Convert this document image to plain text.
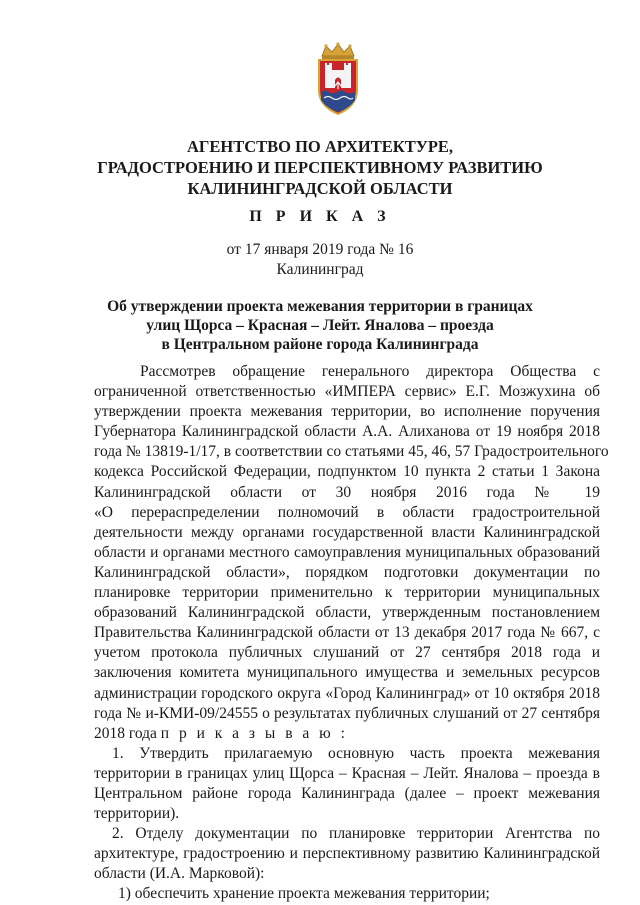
АГЕНТСТВО ПО АРХИТЕКТУРЕ,
ГРАДОСТРОЕНИЮ И ПЕРСПЕКТИВНОМУ РАЗВИТИЮ
КАЛИНИНГРАДСКОЙ ОБЛАСТИ
П Р И К А З
от 17 января 2019 года № 16
Калининград
Об утверждении проекта межевания территории в границах
улиц Щорса – Красная – Лейт. Яналова – проезда
в Центральном районе города Калининграда
Рассмотрев обращение генерального директора Общества с
ограниченной ответственностью «ИМПЕРА сервис» Е.Г. Мозжухина об
утверждении проекта межевания территории, во исполнение поручения
Губернатора Калининградской области А.А. Алиханова от 19 ноября 2018
года № 13819-1/17, в соответствии со статьями 45, 46, 57 Градостроительного
кодекса Российской Федерации, подпунктом 10 пункта 2 статьи 1 Закона
Калининградской области от 30 ноября 2016 года № 19
«О перераспределении полномочий в области градостроительной
деятельности между органами государственной власти Калининградской
области и органами местного самоуправления муниципальных образований
Калининградской области», порядком подготовки документации по
планировке территории применительно к территории муниципальных
образований Калининградской области, утвержденным постановлением
Правительства Калининградской области от 13 декабря 2017 года № 667, с
учетом протокола публичных слушаний от 27 сентября 2018 года и
заключения комитета муниципального имущества и земельных ресурсов
администрации городского округа «Город Калининград» от 10 октября 2018
года № и-КМИ-09/24555 о результатах публичных слушаний от 27 сентября
2018 года п р и к а з ы в а ю :
1. Утвердить прилагаемую основную часть проекта межевания
территории в границах улиц Щорса – Красная – Лейт. Яналова – проезда в
Центральном районе города Калининграда (далее – проект межевания
территории).
2. Отделу документации по планировке территории Агентства по
архитектуре, градостроению и перспективному развитию Калининградской
области (И.А. Марковой):
1) обеспечить хранение проекта межевания территории;
